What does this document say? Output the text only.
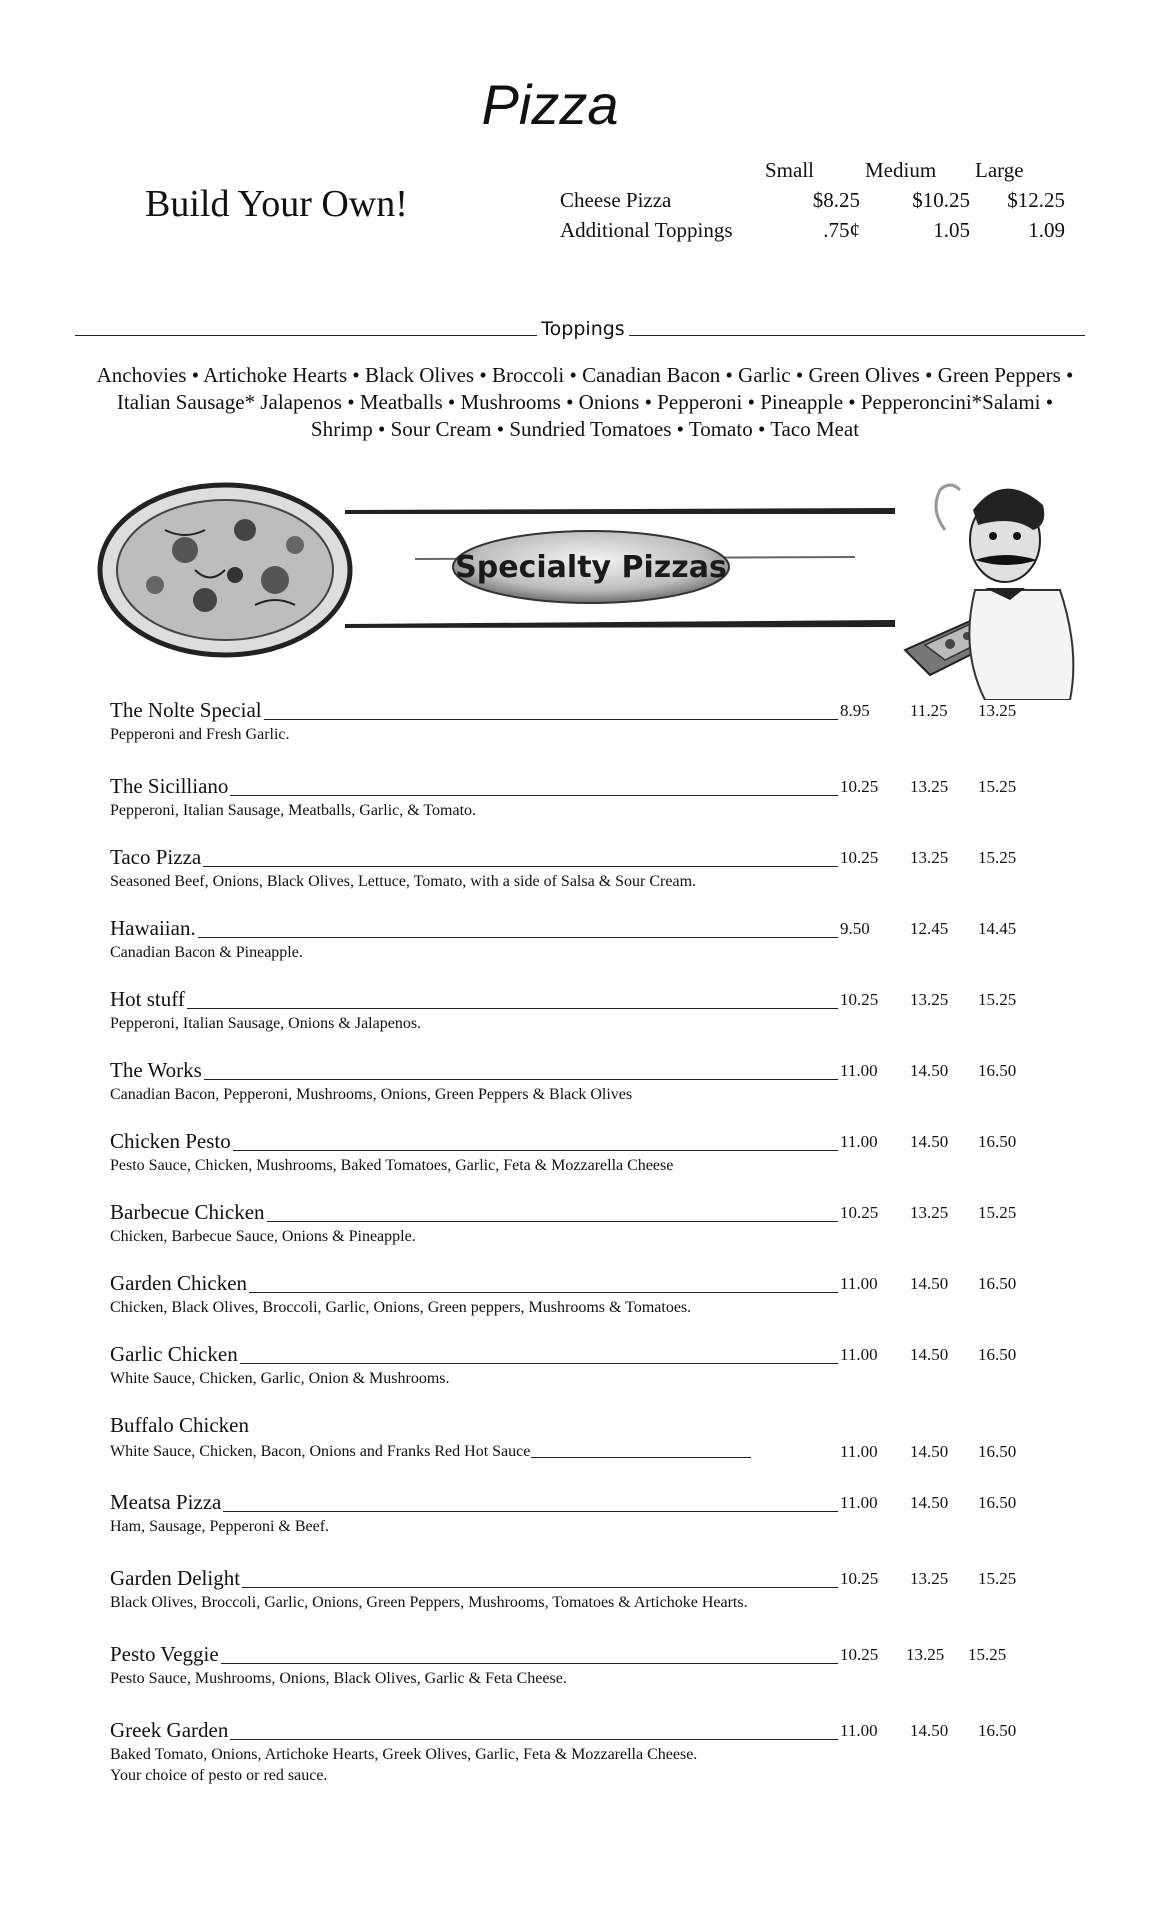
Pizza
Build Your Own!
Small	Medium	Large
Cheese Pizza	$8.25	$10.25	$12.25
Additional Toppings	.75¢	1.05	1.09
Toppings
Anchovies • Artichoke Hearts • Black Olives • Broccoli • Canadian Bacon • Garlic • Green Olives • Green Peppers • Italian Sausage* Jalapenos • Meatballs • Mushrooms • Onions • Pepperoni • Pineapple • Pepperoncini*Salami • Shrimp • Sour Cream • Sundried Tomatoes • Tomato • Taco Meat
Specialty Pizzas
The Nolte Special	8.95 11.25 13.25
Pepperoni and Fresh Garlic.
The Sicilliano	10.25 13.25 15.25
Pepperoni, Italian Sausage, Meatballs, Garlic, & Tomato.
Taco Pizza	10.25 13.25 15.25
Seasoned Beef, Onions, Black Olives, Lettuce, Tomato, with a side of Salsa & Sour Cream.
Hawaiian.	9.50 12.45 14.45
Canadian Bacon & Pineapple.
Hot stuff	10.25 13.25 15.25
Pepperoni, Italian Sausage, Onions & Jalapenos.
The Works	11.00 14.50 16.50
Canadian Bacon, Pepperoni, Mushrooms, Onions, Green Peppers & Black Olives
Chicken Pesto	11.00 14.50 16.50
Pesto Sauce, Chicken, Mushrooms, Baked Tomatoes, Garlic, Feta & Mozzarella Cheese
Barbecue Chicken	10.25 13.25 15.25
Chicken, Barbecue Sauce, Onions & Pineapple.
Garden Chicken	11.00 14.50 16.50
Chicken, Black Olives, Broccoli, Garlic, Onions, Green peppers, Mushrooms & Tomatoes.
Garlic Chicken	11.00 14.50 16.50
White Sauce, Chicken, Garlic, Onion & Mushrooms.
Buffalo Chicken
White Sauce, Chicken, Bacon, Onions and Franks Red Hot Sauce	11.00 14.50 16.50
Meatsa Pizza	11.00 14.50 16.50
Ham, Sausage, Pepperoni & Beef.
Garden Delight	10.25 13.25 15.25
Black Olives, Broccoli, Garlic, Onions, Green Peppers, Mushrooms, Tomatoes & Artichoke Hearts.
Pesto Veggie	10.25 13.25 15.25
Pesto Sauce, Mushrooms, Onions, Black Olives, Garlic & Feta Cheese.
Greek Garden	11.00 14.50 16.50
Baked Tomato, Onions, Artichoke Hearts, Greek Olives, Garlic, Feta & Mozzarella Cheese.
Your choice of pesto or red sauce.
